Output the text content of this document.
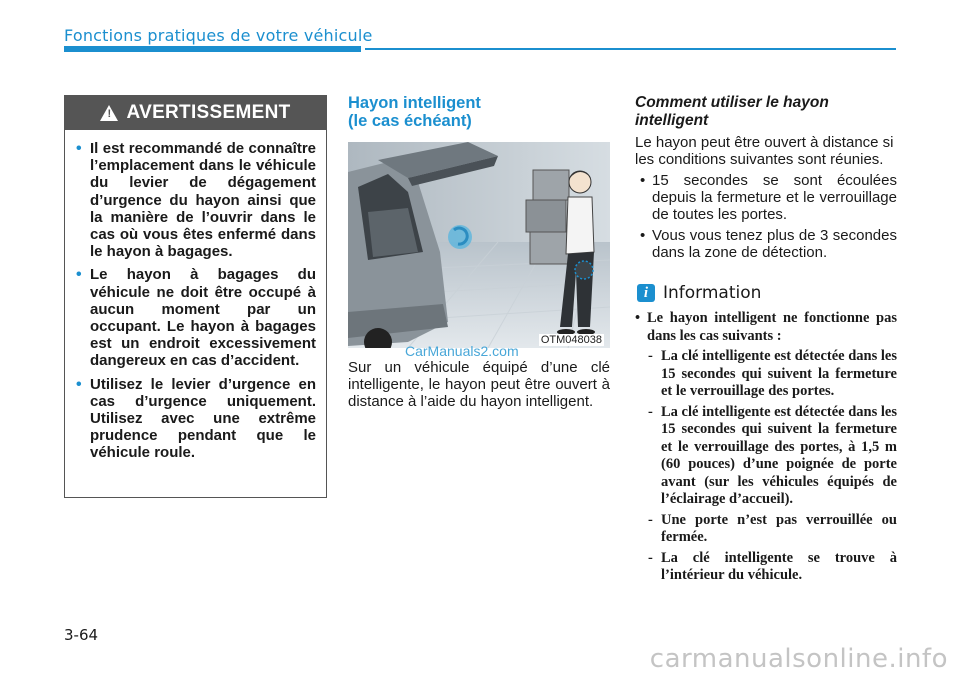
Fonctions pratiques de votre véhicule
!
AVERTISSEMENT
• Il est recommandé de connaître l’emplacement dans le véhicule du levier de dégagement d’urgence du hayon ainsi que la manière de l’ouvrir dans le cas où vous êtes enfermé dans le hayon à bagages.
• Le hayon à bagages du véhicule ne doit être occupé à aucun moment par un occupant. Le hayon à bagages est un endroit excessivement dangereux en cas d’accident.
• Utilisez le levier d’urgence en cas d’urgence uniquement. Utilisez avec une extrême prudence pendant que le véhicule roule.
Hayon intelligent
(le cas échéant)
OTM048038
CarManuals2.com
Sur un véhicule équipé d’une clé intelligente, le hayon peut être ouvert à distance à l’aide du hayon intelligent.
Comment utiliser le hayon
intelligent
Le hayon peut être ouvert à distance si les conditions suivantes sont réunies.
• 15 secondes se sont écoulées depuis la fermeture et le verrouillage de toutes les portes.
• Vous vous tenez plus de 3 secondes dans la zone de détection.
i Information
• Le hayon intelligent ne fonctionne pas dans les cas suivants :
- La clé intelligente est détectée dans les 15 secondes qui suivent la fermeture et le verrouillage des portes.
- La clé intelligente est détectée dans les 15 secondes qui suivent la fermeture et le verrouillage des portes, à 1,5 m (60 pouces) d’une poignée de porte avant (sur les véhicules équipés de l’éclairage d’accueil).
- Une porte n’est pas verrouillée ou fermée.
- La clé intelligente se trouve à l’intérieur du véhicule.
3-64
carmanualsonline.info
